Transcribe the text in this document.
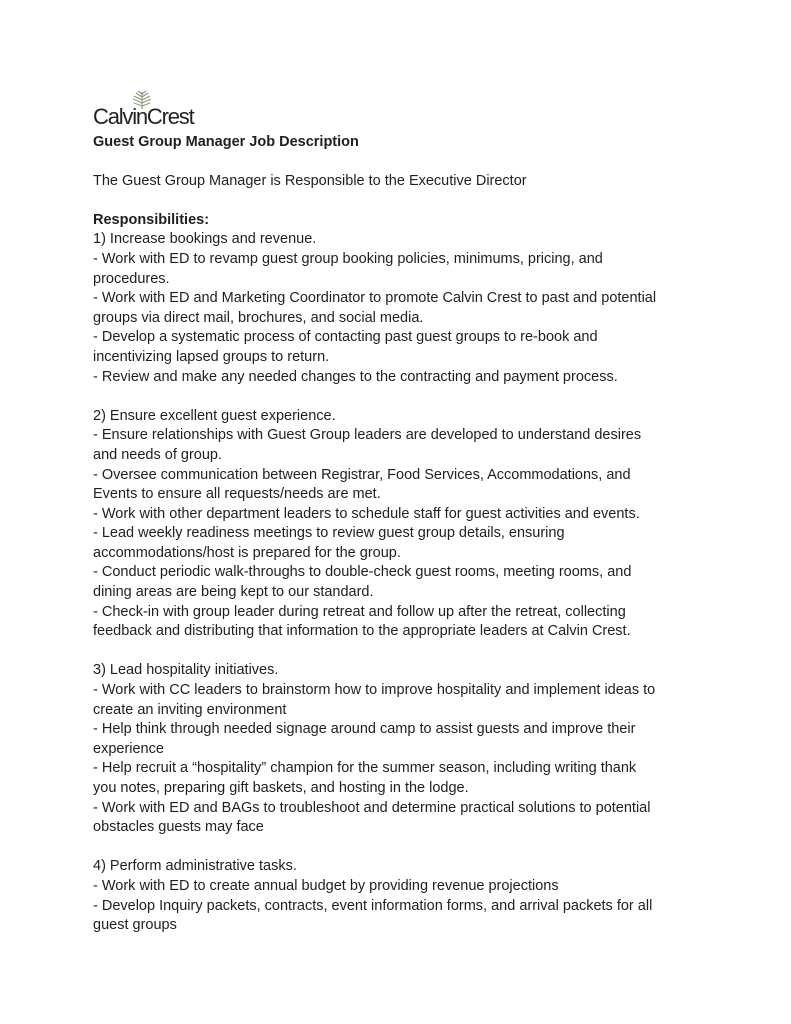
CalvinCrest

Guest Group Manager Job Description

The Guest Group Manager is Responsible to the Executive Director

Responsibilities:

1) Increase bookings and revenue.

- Work with ED to revamp guest group booking policies, minimums, pricing, and

procedures.

- Work with ED and Marketing Coordinator to promote Calvin Crest to past and potential

groups via direct mail, brochures, and social media.

- Develop a systematic process of contacting past guest groups to re-book and

incentivizing lapsed groups to return.

- Review and make any needed changes to the contracting and payment process.

2) Ensure excellent guest experience.

- Ensure relationships with Guest Group leaders are developed to understand desires

and needs of group.

- Oversee communication between Registrar, Food Services, Accommodations, and

Events to ensure all requests/needs are met.

- Work with other department leaders to schedule staff for guest activities and events.

- Lead weekly readiness meetings to review guest group details, ensuring

accommodations/host is prepared for the group.

- Conduct periodic walk-throughs to double-check guest rooms, meeting rooms, and

dining areas are being kept to our standard.

- Check-in with group leader during retreat and follow up after the retreat, collecting

feedback and distributing that information to the appropriate leaders at Calvin Crest.

3) Lead hospitality initiatives.

- Work with CC leaders to brainstorm how to improve hospitality and implement ideas to

create an inviting environment

- Help think through needed signage around camp to assist guests and improve their

experience

- Help recruit a “hospitality” champion for the summer season, including writing thank

you notes, preparing gift baskets, and hosting in the lodge.

- Work with ED and BAGs to troubleshoot and determine practical solutions to potential

obstacles guests may face

4) Perform administrative tasks.

- Work with ED to create annual budget by providing revenue projections

- Develop Inquiry packets, contracts, event information forms, and arrival packets for all

guest groups
